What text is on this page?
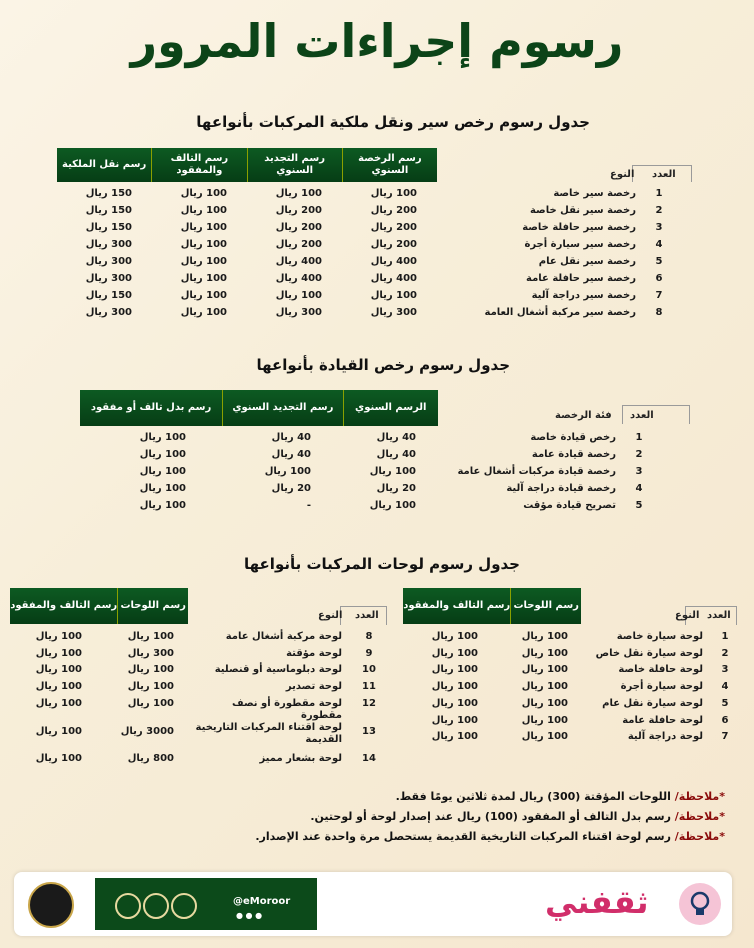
رسوم إجراءات المرور
جدول رسوم رخص سير ونقل ملكية المركبات بأنواعها
رسم الرخصة السنوي
رسم التجديد السنوي
رسم التالف والمفقود
رسم نقل الملكية
العدد
النوع
1
رخصة سير خاصة
100 ريال
100 ريال
100 ريال
150 ريال
2
رخصة سير نقل خاصة
200 ريال
200 ريال
100 ريال
150 ريال
3
رخصة سير حافلة خاصة
200 ريال
200 ريال
100 ريال
150 ريال
4
رخصة سير سيارة أجرة
200 ريال
200 ريال
100 ريال
300 ريال
5
رخصة سير نقل عام
400 ريال
400 ريال
100 ريال
300 ريال
6
رخصة سير حافلة عامة
400 ريال
400 ريال
100 ريال
300 ريال
7
رخصة سير دراجة آلية
100 ريال
100 ريال
100 ريال
150 ريال
8
رخصة سير مركبة أشغال العامة
300 ريال
300 ريال
100 ريال
300 ريال
جدول رسوم رخص القيادة بأنواعها
الرسم السنوي
رسم التجديد السنوي
رسم بدل تالف أو مفقود
العدد
فئة الرخصة
1
رخص قيادة خاصة
40 ريال
40 ريال
100 ريال
2
رخصة قيادة عامة
40 ريال
40 ريال
100 ريال
3
رخصة قيادة مركبات أشغال عامة
100 ريال
100 ريال
100 ريال
4
رخصة قيادة دراجة آلية
20 ريال
20 ريال
100 ريال
5
تصريح قيادة مؤقت
100 ريال
-
100 ريال
جدول رسوم لوحات المركبات بأنواعها
رسم اللوحات
رسم التالف والمفقود
العدد
النوع
1
لوحة سيارة خاصة
100 ريال
100 ريال
2
لوحة سيارة نقل خاص
100 ريال
100 ريال
3
لوحة حافلة خاصة
100 ريال
100 ريال
4
لوحة سيارة أجرة
100 ريال
100 ريال
5
لوحة سيارة نقل عام
100 ريال
100 ريال
6
لوحة حافلة عامة
100 ريال
100 ريال
7
لوحة دراجة آلية
100 ريال
100 ريال
رسم اللوحات
رسم التالف والمفقود
العدد
النوع
8
لوحة مركبة أشغال عامة
100 ريال
100 ريال
9
لوحة مؤقتة
300 ريال
100 ريال
10
لوحة دبلوماسية أو قنصلية
100 ريال
100 ريال
11
لوحة تصدير
100 ريال
100 ريال
12
لوحة مقطورة أو نصف مقطورة
100 ريال
100 ريال
13
لوحة اقتناء المركبات التاريخية القديمة
3000 ريال
100 ريال
14
لوحة بشعار مميز
800 ريال
100 ريال
*ملاحظة/ اللوحات المؤقتة (300) ريال لمدة ثلاثين يومًا فقط.
*ملاحظة/ رسم بدل التالف أو المفقود (100) ريال عند إصدار لوحة أو لوحتين.
*ملاحظة/ رسم لوحة اقتناء المركبات التاريخية القديمة يستحصل مرة واحدة عند الإصدار.
@eMoroor
● ● ●	ثقفني
